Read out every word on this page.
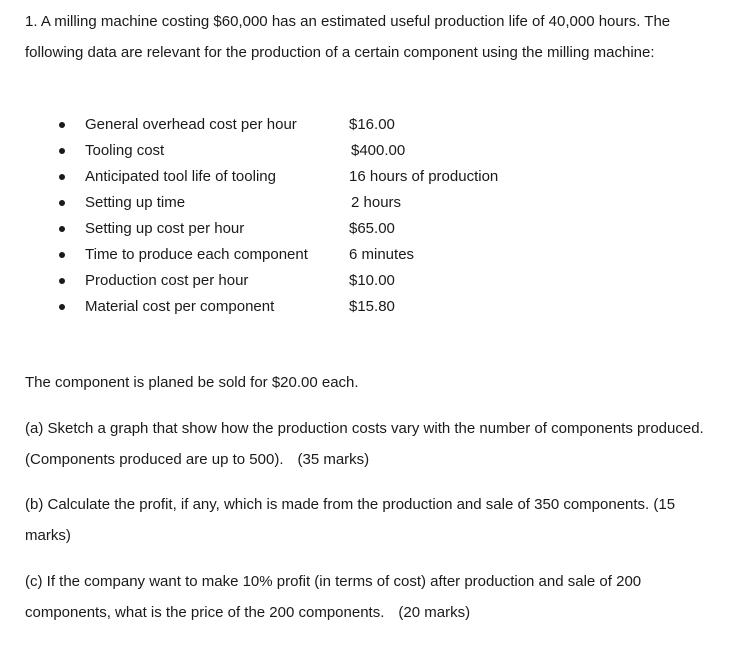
1. A milling machine costing $60,000 has an estimated useful production life of 40,000 hours. The following data are relevant for the production of a certain component using the milling machine:

General overhead cost per hour	$16.00
Tooling cost	$400.00
Anticipated tool life of tooling	16 hours of production
Setting up time	2 hours
Setting up cost per hour	$65.00
Time to produce each component	6 minutes
Production cost per hour	$10.00
Material cost per component	$15.80

The component is planed be sold for $20.00 each.

(a) Sketch a graph that show how the production costs vary with the number of components produced. (Components produced are up to 500). (35 marks)

(b) Calculate the profit, if any, which is made from the production and sale of 350 components. (15 marks)

(c) If the company want to make 10% profit (in terms of cost) after production and sale of 200 components, what is the price of the 200 components. (20 marks)
